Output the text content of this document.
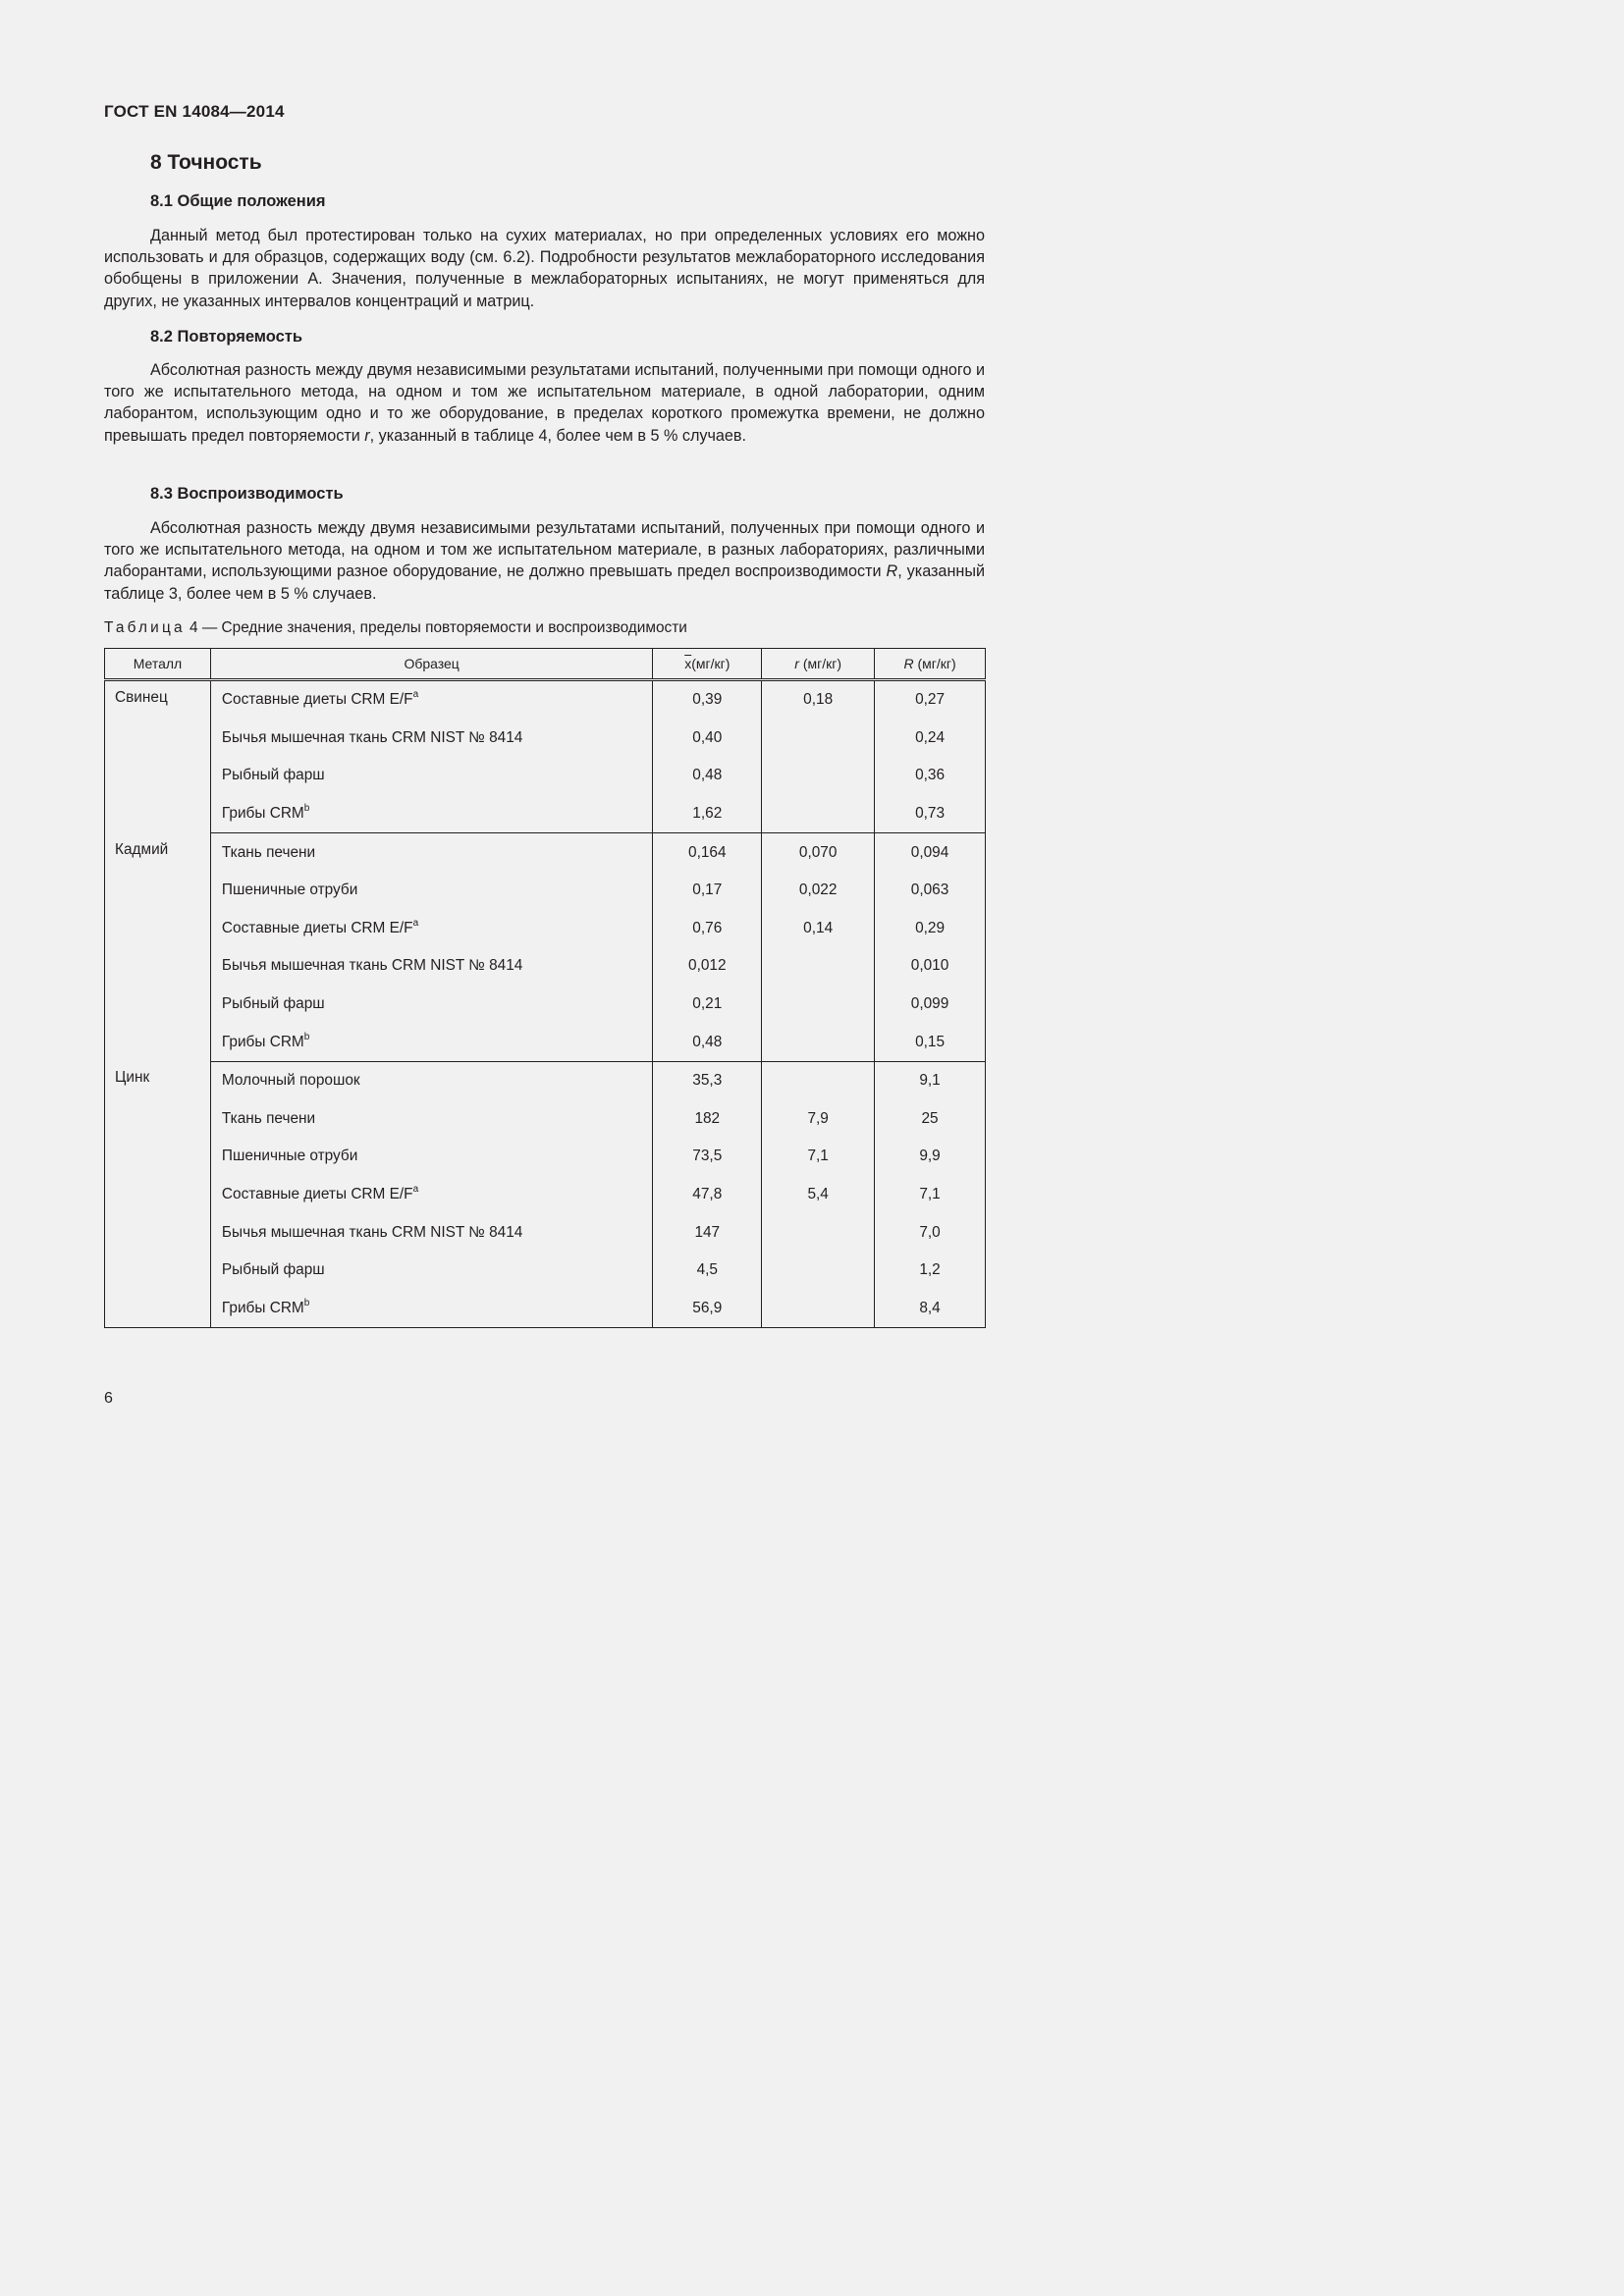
ГОСТ EN 14084—2014
8 Точность
8.1 Общие положения

Данный метод был протестирован только на сухих материалах, но при определенных условиях его можно использовать и для образцов, содержащих воду (см. 6.2). Подробности результатов межлабораторного исследования обобщены в приложении А. Значения, полученные в межлабораторных испытаниях, не могут применяться для других, не указанных интервалов концентраций и матриц.

8.2 Повторяемость

Абсолютная разность между двумя независимыми результатами испытаний, полученными при помощи одного и того же испытательного метода, на одном и том же испытательном материале, в одной лаборатории, одним лаборантом, использующим одно и то же оборудование, в пределах короткого промежутка времени, не должно превышать предел повторяемости r, указанный в таблице 4, более чем в 5 % случаев.

8.3 Воспроизводимость

Абсолютная разность между двумя независимыми результатами испытаний, полученных при помощи одного и того же испытательного метода, на одном и том же испытательном материале, в разных лабораториях, различными лаборантами, использующими разное оборудование, не должно превышать предел воспроизводимости R, указанный таблице 3, более чем в 5 % случаев.

Таблица 4 — Средние значения, пределы повторяемости и воспроизводимости
Металл	Образец	$\overline{x}(мг/кг)$	r (мг/кг)	R (мг/кг)
Свинец	Составные диеты CRM $E/F^a$	0,39	0,18	0,27
	Бычья мышечная ткань CRM NIST № 8414	0,40		0,24
	Рыбный фарш	0,48		0,36
	Грибы CRM$^b$	1,62		0,73
Кадмий	Ткань печени	0,164	0,070	0,094
	Пшеничные отруби	0,17	0,022	0,063
	Составные диеты CRM $E/F^a$	0,76	0,14	0,29
	Бычья мышечная ткань CRM NIST № 8414	0,012		0,010
	Рыбный фарш	0,21		0,099
	Грибы CRM$^b$	0,48		0,15
Цинк	Молочный порошок	35,3		9,1
	Ткань печени	182	7,9	25
	Пшеничные отруби	73,5	7,1	9,9
	Составные диеты CRM $E/F^a$	47,8	5,4	7,1
	Бычья мышечная ткань CRM NIST № 8414	147		7,0
	Рыбный фарш	4,5		1,2
	Грибы CRM$^b$	56,9		8,4
6
